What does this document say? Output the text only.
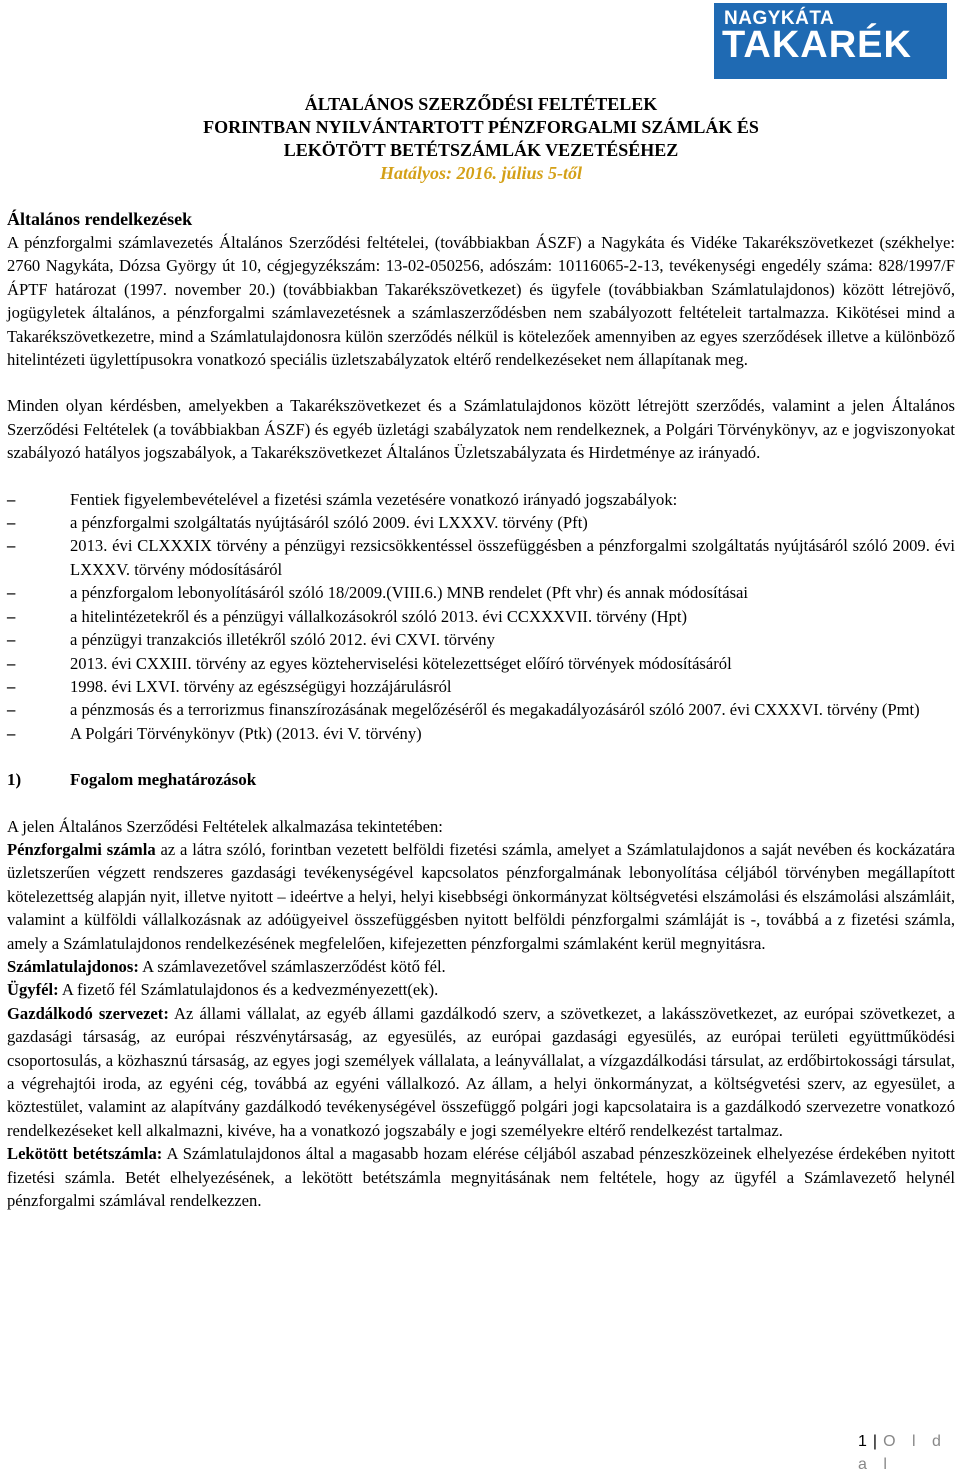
NAGYKÁTA
TAKARÉK
ÁLTALÁNOS SZERZŐDÉSI FELTÉTELEK
FORINTBAN NYILVÁNTARTOTT PÉNZFORGALMI SZÁMLÁK ÉS
LEKÖTÖTT BETÉTSZÁMLÁK VEZETÉSÉHEZ
Hatályos: 2016. július 5-től
Általános rendelkezések

A pénzforgalmi számlavezetés Általános Szerződési feltételei, (továbbiakban ÁSZF) a Nagykáta és Vidéke Takarékszövetkezet (székhelye: 2760 Nagykáta, Dózsa György út 10, cégjegyzékszám: 13-02-050256, adószám: 10116065-2-13, tevékenységi engedély száma: 828/1997/F ÁPTF határozat (1997. november 20.) (továbbiakban Takarékszövetkezet) és ügyfele (továbbiakban Számlatulajdonos) között létrejövő, jogügyletek általános, a pénzforgalmi számlavezetésnek a számlaszerződésben nem szabályozott feltételeit tartalmazza. Kikötései mind a Takarékszövetkezetre, mind a Számlatulajdonosra külön szerződés nélkül is kötelezőek amennyiben az egyes szerződések illetve a különböző hitelintézeti ügylettípusokra vonatkozó speciális üzletszabályzatok eltérő rendelkezéseket nem állapítanak meg.

Minden olyan kérdésben, amelyekben a Takarékszövetkezet és a Számlatulajdonos között létrejött szerződés, valamint a jelen Általános Szerződési Feltételek (a továbbiakban ÁSZF) és egyéb üzletági szabályzatok nem rendelkeznek, a Polgári Törvénykönyv, az e jogviszonyokat szabályozó hatályos jogszabályok, a Takarékszövetkezet Általános Üzletszabályzata és Hirdetménye az irányadó.

– Fentiek figyelembevételével a fizetési számla vezetésére vonatkozó irányadó jogszabályok:
– a pénzforgalmi szolgáltatás nyújtásáról szóló 2009. évi LXXXV. törvény (Pft)
– 2013. évi CLXXXIX törvény a pénzügyi rezsicsökkentéssel összefüggésben a pénzforgalmi szolgáltatás nyújtásáról szóló 2009. évi LXXXV. törvény módosításáról
– a pénzforgalom lebonyolításáról szóló 18/2009.(VIII.6.) MNB rendelet (Pft vhr) és annak módosításai
– a hitelintézetekről és a pénzügyi vállalkozásokról szóló 2013. évi CCXXXVII. törvény (Hpt)
– a pénzügyi tranzakciós illetékről szóló 2012. évi CXVI. törvény
– 2013. évi CXXIII. törvény az egyes közteherviselési kötelezettséget előíró törvények módosításáról
– 1998. évi LXVI. törvény az egészségügyi hozzájárulásról
– a pénzmosás és a terrorizmus finanszírozásának megelőzéséről és megakadályozásáról szóló 2007. évi CXXXVI. törvény (Pmt)
– A Polgári Törvénykönyv (Ptk) (2013. évi V. törvény)
1)	Fogalom meghatározások

A jelen Általános Szerződési Feltételek alkalmazása tekintetében:

Pénzforgalmi számla az a látra szóló, forintban vezetett belföldi fizetési számla, amelyet a Számlatulajdonos a saját nevében és kockázatára üzletszerűen végzett rendszeres gazdasági tevékenységével kapcsolatos pénzforgalmának lebonyolítása céljából törvényben megállapított kötelezettség alapján nyit, illetve nyitott – ideértve a helyi, helyi kisebbségi önkormányzat költségvetési elszámolási és elszámolási alszámláit, valamint a külföldi vállalkozásnak az adóügyeivel összefüggésben nyitott belföldi pénzforgalmi számláját is -, továbbá a z fizetési számla, amely a Számlatulajdonos rendelkezésének megfelelően, kifejezetten pénzforgalmi számlaként kerül megnyitásra.

Számlatulajdonos: A számlavezetővel számlaszerződést kötő fél.

Ügyfél: A fizető fél Számlatulajdonos és a kedvezményezett(ek).

Gazdálkodó szervezet: Az állami vállalat, az egyéb állami gazdálkodó szerv, a szövetkezet, a lakásszövetkezet, az európai szövetkezet, a gazdasági társaság, az európai részvénytársaság, az egyesülés, az európai gazdasági egyesülés, az európai területi együttműködési csoportosulás, a közhasznú társaság, az egyes jogi személyek vállalata, a leányvállalat, a vízgazdálkodási társulat, az erdőbirtokossági társulat, a végrehajtói iroda, az egyéni cég, továbbá az egyéni vállalkozó. Az állam, a helyi önkormányzat, a költségvetési szerv, az egyesület, a köztestület, valamint az alapítvány gazdálkodó tevékenységével összefüggő polgári jogi kapcsolataira is a gazdálkodó szervezetre vonatkozó rendelkezéseket kell alkalmazni, kivéve, ha a vonatkozó jogszabály e jogi személyekre eltérő rendelkezést tartalmaz.

Lekötött betétszámla: A Számlatulajdonos által a magasabb hozam elérése céljából aszabad pénzeszközeinek elhelyezése érdekében nyitott fizetési számla. Betét elhelyezésének, a lekötött betétszámla megnyitásának nem feltétele, hogy az ügyfél a Számlavezető helynél pénzforgalmi számlával rendelkezzen.

1 | O l d a l
